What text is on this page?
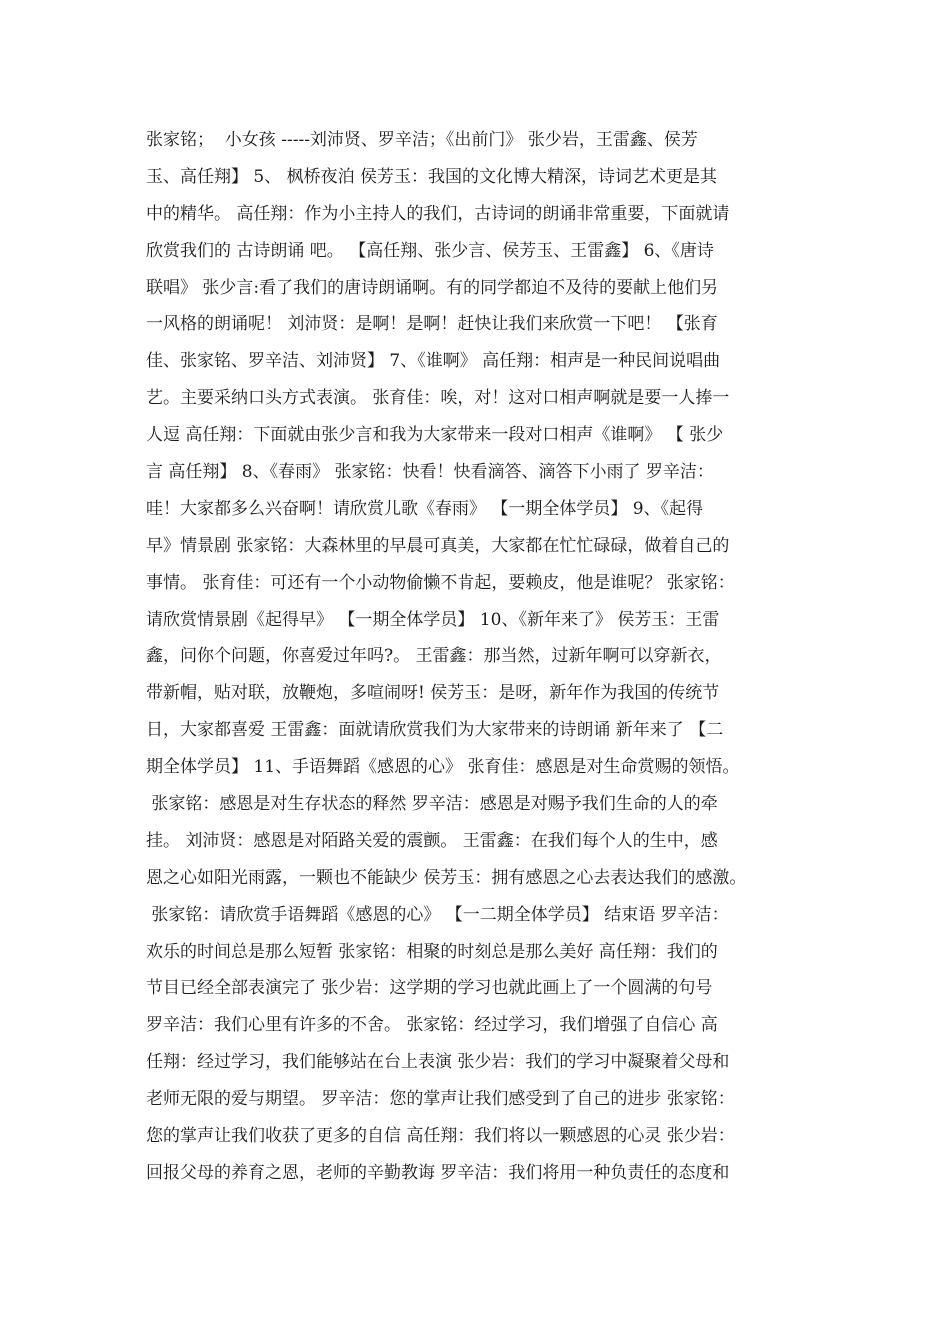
张家铭；  小女孩 -----刘沛贤、罗辛洁；《出前门》 张少岩，王雷鑫、侯芳
玉、高任翔】 5、 枫桥夜泊 侯芳玉：我国的文化博大精深，诗词艺术更是其
中的精华。 高任翔：作为小主持人的我们，古诗词的朗诵非常重要，下面就请
欣赏我们的 古诗朗诵 吧。 【高任翔、张少言、侯芳玉、王雷鑫】 6、《唐诗
联唱》 张少言:看了我们的唐诗朗诵啊。有的同学都迫不及待的要献上他们另
一风格的朗诵呢！ 刘沛贤：是啊！是啊！赶快让我们来欣赏一下吧！ 【张育
佳、张家铭、罗辛洁、刘沛贤】 7、《谁啊》 高任翔：相声是一种民间说唱曲
艺。主要采纳口头方式表演。 张育佳：唉，对！这对口相声啊就是要一人捧一
人逗 高任翔：下面就由张少言和我为大家带来一段对口相声《谁啊》 【 张少
言 高任翔】 8、《春雨》 张家铭：快看！快看滴答、滴答下小雨了 罗辛洁：
哇！大家都多么兴奋啊！请欣赏儿歌《春雨》 【一期全体学员】 9、《起得
早》情景剧 张家铭：大森林里的早晨可真美，大家都在忙忙碌碌，做着自己的
事情。 张育佳：可还有一个小动物偷懒不肯起，要赖皮，他是谁呢？ 张家铭：
请欣赏情景剧《起得早》 【一期全体学员】 10、《新年来了》 侯芳玉：王雷
鑫，问你个问题，你喜爱过年吗?。 王雷鑫：那当然，过新年啊可以穿新衣，
带新帽，贴对联，放鞭炮，多喧闹呀! 侯芳玉：是呀，新年作为我国的传统节
日，大家都喜爱 王雷鑫：面就请欣赏我们为大家带来的诗朗诵 新年来了 【二
期全体学员】 11、手语舞蹈《感恩的心》 张育佳：感恩是对生命赏赐的领悟。
张家铭：感恩是对生存状态的释然 罗辛洁：感恩是对赐予我们生命的人的牵
挂。 刘沛贤：感恩是对陌路关爱的震颤。 王雷鑫：在我们每个人的生中，感
恩之心如阳光雨露，一颗也不能缺少 侯芳玉：拥有感恩之心去表达我们的感激。
张家铭：请欣赏手语舞蹈《感恩的心》 【一二期全体学员】 结束语 罗辛洁：
欢乐的时间总是那么短暂 张家铭：相聚的时刻总是那么美好 高任翔：我们的
节目已经全部表演完了 张少岩：这学期的学习也就此画上了一个圆满的句号
罗辛洁：我们心里有许多的不舍。 张家铭：经过学习，我们增强了自信心 高
任翔：经过学习，我们能够站在台上表演 张少岩：我们的学习中凝聚着父母和
老师无限的爱与期望。 罗辛洁：您的掌声让我们感受到了自己的进步 张家铭：
您的掌声让我们收获了更多的自信 高任翔：我们将以一颗感恩的心灵 张少岩：
回报父母的养育之恩，老师的辛勤教诲 罗辛洁：我们将用一种负责任的态度和
